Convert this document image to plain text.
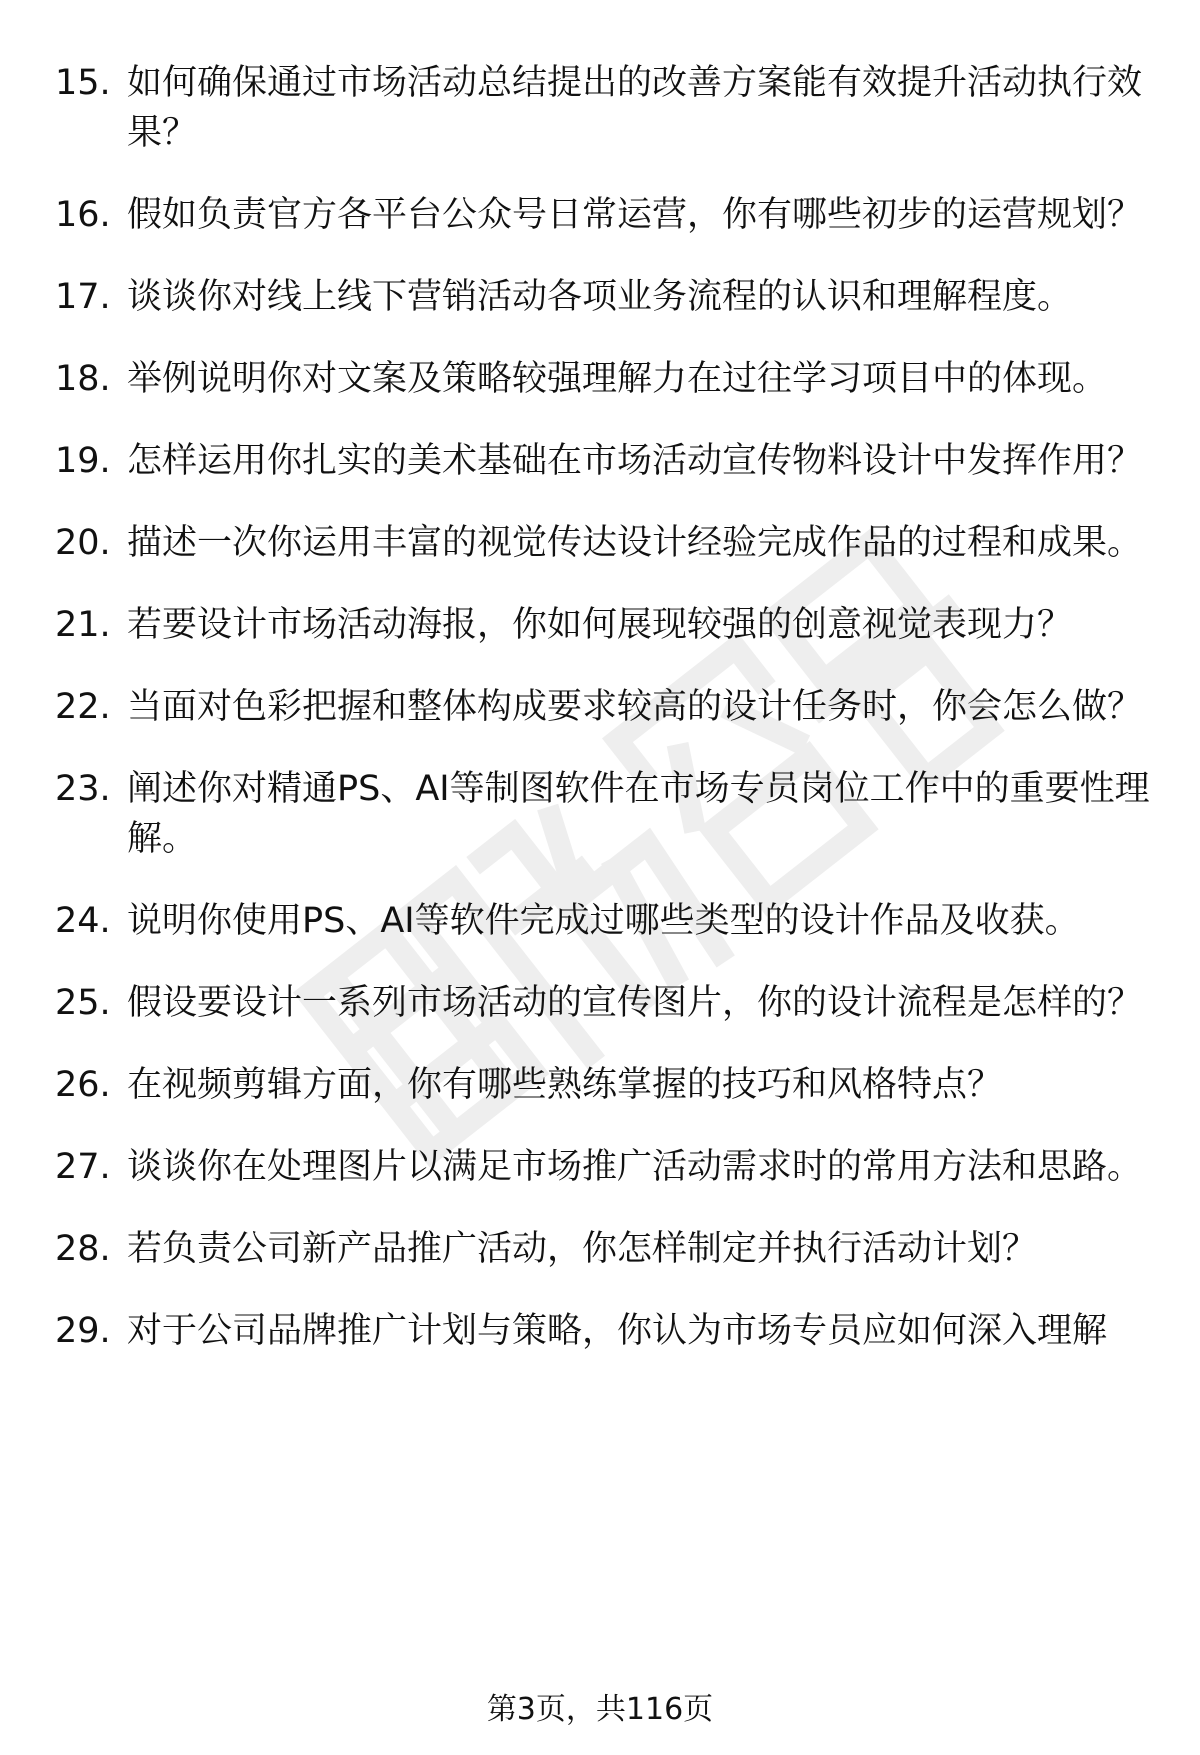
15. 如何确保通过市场活动总结提出的改善方案能有效提升活动执行效果？
16. 假如负责官方各平台公众号日常运营，你有哪些初步的运营规划？
17. 谈谈你对线上线下营销活动各项业务流程的认识和理解程度。
18. 举例说明你对文案及策略较强理解力在过往学习项目中的体现。
19. 怎样运用你扎实的美术基础在市场活动宣传物料设计中发挥作用？
20. 描述一次你运用丰富的视觉传达设计经验完成作品的过程和成果。
21. 若要设计市场活动海报，你如何展现较强的创意视觉表现力？
22. 当面对色彩把握和整体构成要求较高的设计任务时，你会怎么做？
23. 阐述你对精通PS、AI等制图软件在市场专员岗位工作中的重要性理解。
24. 说明你使用PS、AI等软件完成过哪些类型的设计作品及收获。
25. 假设要设计一系列市场活动的宣传图片，你的设计流程是怎样的？
26. 在视频剪辑方面，你有哪些熟练掌握的技巧和风格特点？
27. 谈谈你在处理图片以满足市场推广活动需求时的常用方法和思路。
28. 若负责公司新产品推广活动，你怎样制定并执行活动计划？
29. 对于公司品牌推广计划与策略，你认为市场专员应如何深入理解
第3页，共116页
